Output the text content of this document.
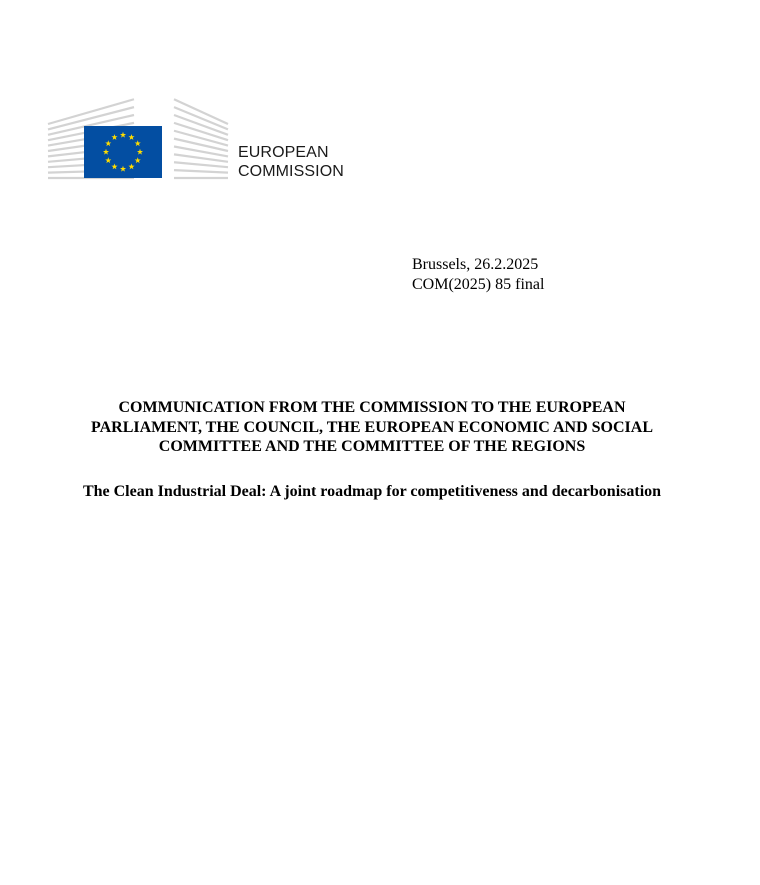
EUROPEAN
COMMISSION
Brussels, 26.2.2025
COM(2025) 85 final
COMMUNICATION FROM THE COMMISSION TO THE EUROPEAN
PARLIAMENT, THE COUNCIL, THE EUROPEAN ECONOMIC AND SOCIAL
COMMITTEE AND THE COMMITTEE OF THE REGIONS
The Clean Industrial Deal: A joint roadmap for competitiveness and decarbonisation
